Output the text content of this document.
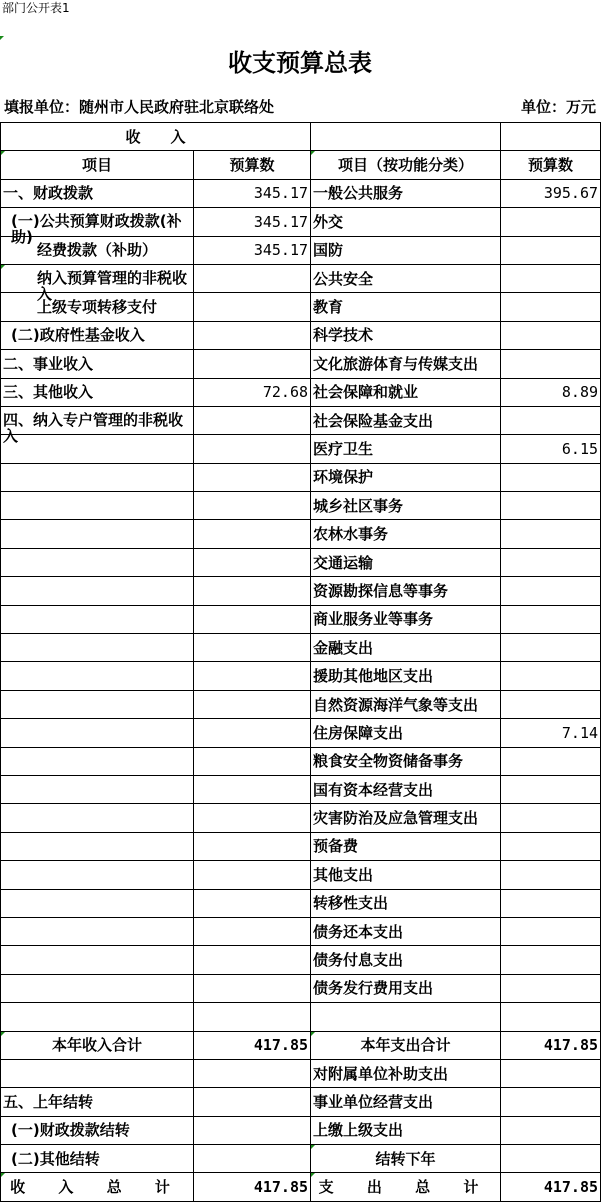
部门公开表1
收支预算总表
填报单位：随州市人民政府驻北京联络处	单位：万元
收　　入			

项目	预算数	项目（按功能分类）	预算数
一、财政拨款	345.17	一般公共服务	395.67

(一)公共预算财政拨款(补助)	345.17	外交	
经费拨款（补助）	345.17	国防	

纳入预算管理的非税收入		公共安全	
上级专项转移支付		教育	
(二)政府性基金收入		科学技术	
二、事业收入		文化旅游体育与传媒支出	
三、其他收入	72.68	社会保障和就业	8.89

四、纳入专户管理的非税收入		社会保险基金支出	
		医疗卫生	6.15
		环境保护	
		城乡社区事务	
		农林水事务	
		交通运输	
		资源勘探信息等事务	
		商业服务业等事务	
		金融支出	
		援助其他地区支出	
		自然资源海洋气象等支出	
		住房保障支出	7.14
		粮食安全物资储备事务	
		国有资本经营支出	
		灾害防治及应急管理支出	
		预备费	
		其他支出	
		转移性支出	
		债务还本支出	
		债务付息支出	
		债务发行费用支出	

本年收入合计	417.85	本年支出合计	417.85
		对附属单位补助支出	
五、上年结转		事业单位经营支出	
(一)财政拨款结转		上缴上级支出	
(二)其他结转		结转下年	

收 入 总 计	417.85	支 出 总 计	417.85
